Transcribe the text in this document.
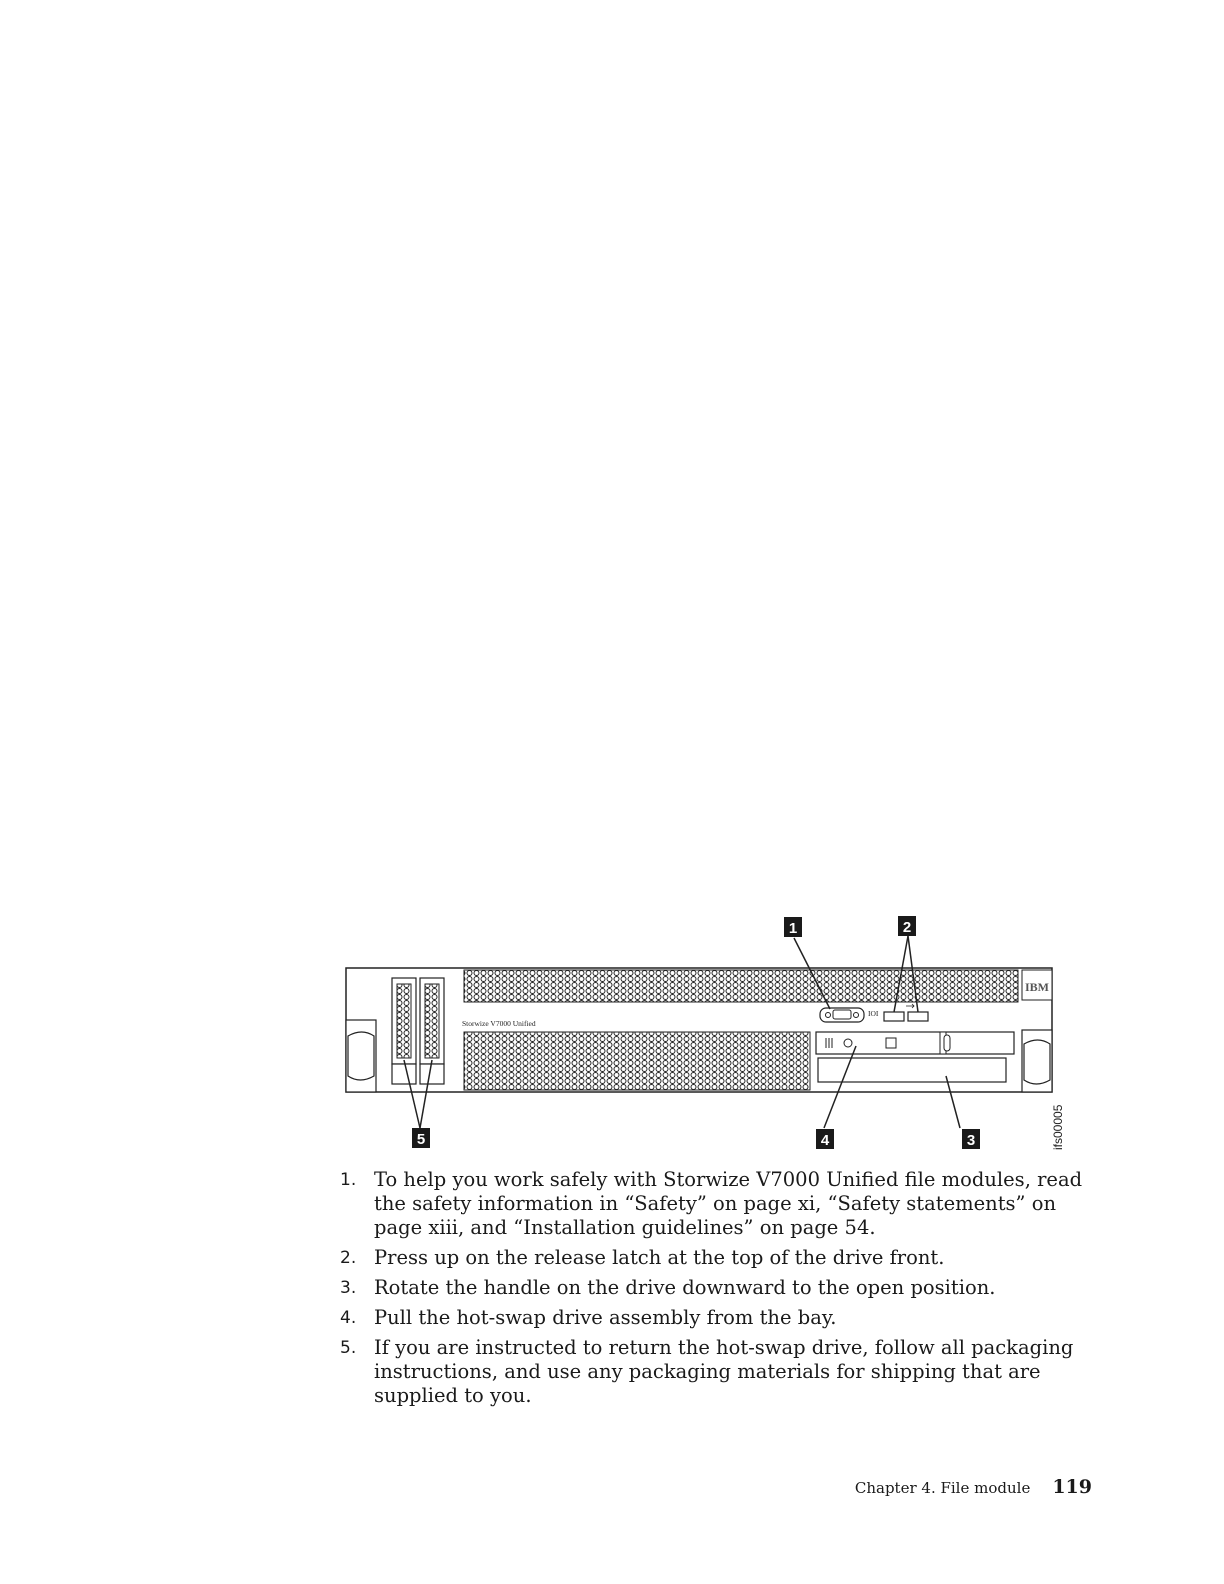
Storwize V7000 Unified
IBM
IOI
1	2
3
4
5	ifs00005
1. To help you work safely with Storwize V7000 Unified file modules, read the safety information in “Safety” on page xi, “Safety statements” on page xiii, and “Installation guidelines” on page 54.
2. Press up on the release latch at the top of the drive front.
3. Rotate the handle on the drive downward to the open position.
4. Pull the hot-swap drive assembly from the bay.
5. If you are instructed to return the hot-swap drive, follow all packaging instructions, and use any packaging materials for shipping that are supplied to you.
Chapter 4. File module 119
